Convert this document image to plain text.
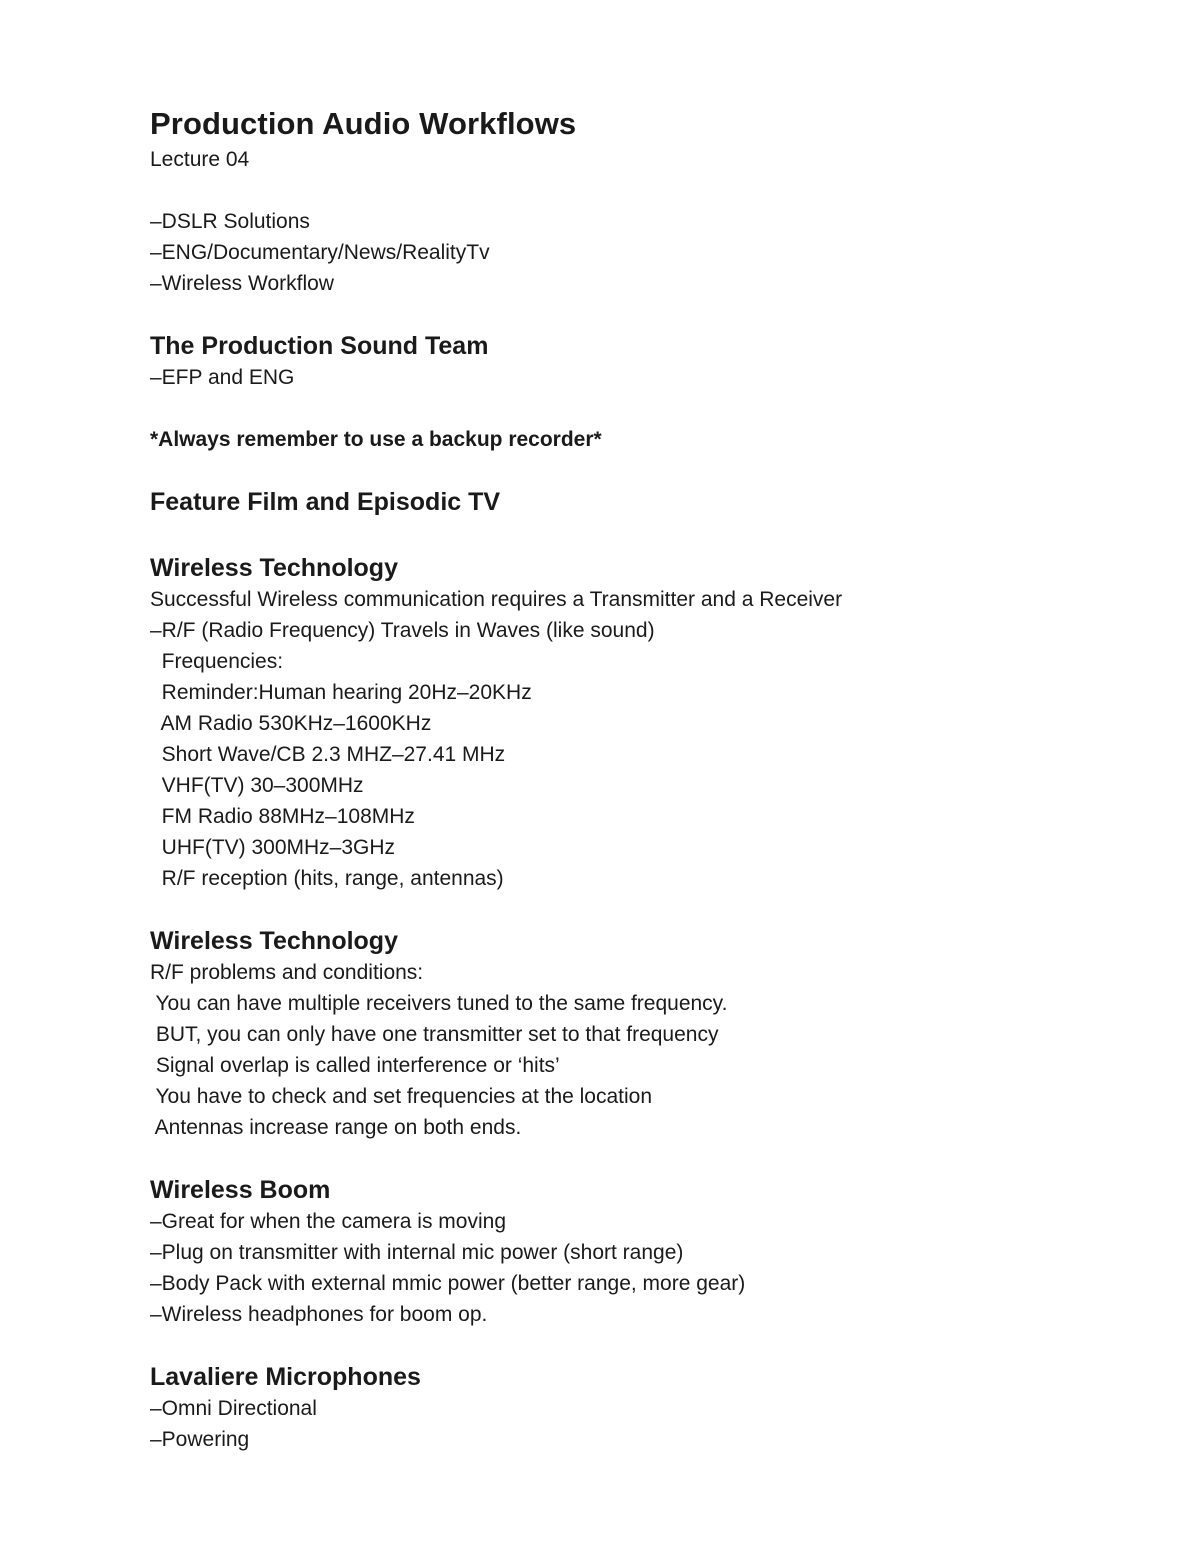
Production Audio Workflows
Lecture 04
–DSLR Solutions
–ENG/Documentary/News/RealityTv
–Wireless Workflow
The Production Sound Team
–EFP and ENG
*Always remember to use a backup recorder*
Feature Film and Episodic TV
Wireless Technology
Successful Wireless communication requires a Transmitter and a Receiver
–R/F (Radio Frequency) Travels in Waves (like sound)
Frequencies:
Reminder:Human hearing 20Hz–20KHz
AM Radio 530KHz–1600KHz
Short Wave/CB 2.3 MHZ–27.41 MHz
VHF(TV) 30–300MHz
FM Radio 88MHz–108MHz
UHF(TV) 300MHz–3GHz
R/F reception (hits, range, antennas)
Wireless Technology
R/F problems and conditions:
You can have multiple receivers tuned to the same frequency.
BUT, you can only have one transmitter set to that frequency
Signal overlap is called interference or ‘hits’
You have to check and set frequencies at the location
Antennas increase range on both ends.
Wireless Boom
–Great for when the camera is moving
–Plug on transmitter with internal mic power (short range)
–Body Pack with external mmic power (better range, more gear)
–Wireless headphones for boom op.
Lavaliere Microphones
–Omni Directional
–Powering
